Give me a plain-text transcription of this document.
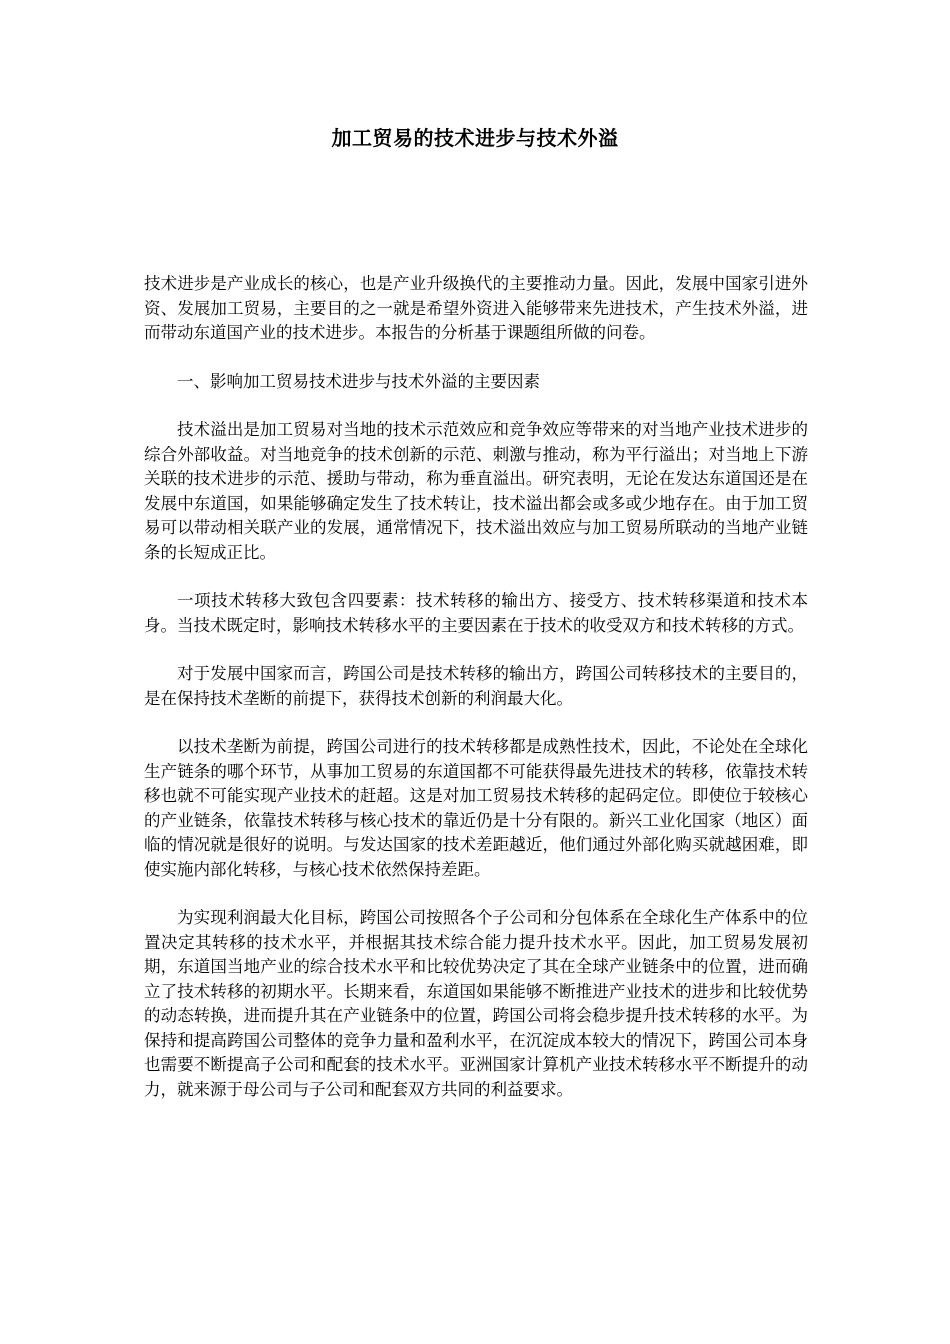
加工贸易的技术进步与技术外溢

技术进步是产业成长的核心，也是产业升级换代的主要推动力量。因此，发展中国家引进外资、发展加工贸易，主要目的之一就是希望外资进入能够带来先进技术，产生技术外溢，进而带动东道国产业的技术进步。本报告的分析基于课题组所做的问卷。

一、影响加工贸易技术进步与技术外溢的主要因素

技术溢出是加工贸易对当地的技术示范效应和竞争效应等带来的对当地产业技术进步的综合外部收益。对当地竞争的技术创新的示范、刺激与推动，称为平行溢出；对当地上下游关联的技术进步的示范、援助与带动，称为垂直溢出。研究表明，无论在发达东道国还是在发展中东道国，如果能够确定发生了技术转让，技术溢出都会或多或少地存在。由于加工贸易可以带动相关联产业的发展，通常情况下，技术溢出效应与加工贸易所联动的当地产业链条的长短成正比。

一项技术转移大致包含四要素：技术转移的输出方、接受方、技术转移渠道和技术本身。当技术既定时，影响技术转移水平的主要因素在于技术的收受双方和技术转移的方式。

对于发展中国家而言，跨国公司是技术转移的输出方，跨国公司转移技术的主要目的，是在保持技术垄断的前提下，获得技术创新的利润最大化。

以技术垄断为前提，跨国公司进行的技术转移都是成熟性技术，因此，不论处在全球化生产链条的哪个环节，从事加工贸易的东道国都不可能获得最先进技术的转移，依靠技术转移也就不可能实现产业技术的赶超。这是对加工贸易技术转移的起码定位。即使位于较核心的产业链条，依靠技术转移与核心技术的靠近仍是十分有限的。新兴工业化国家（地区）面临的情况就是很好的说明。与发达国家的技术差距越近，他们通过外部化购买就越困难，即使实施内部化转移，与核心技术依然保持差距。

为实现利润最大化目标，跨国公司按照各个子公司和分包体系在全球化生产体系中的位置决定其转移的技术水平，并根据其技术综合能力提升技术水平。因此，加工贸易发展初期，东道国当地产业的综合技术水平和比较优势决定了其在全球产业链条中的位置，进而确立了技术转移的初期水平。长期来看，东道国如果能够不断推进产业技术的进步和比较优势的动态转换，进而提升其在产业链条中的位置，跨国公司将会稳步提升技术转移的水平。为保持和提高跨国公司整体的竞争力量和盈利水平，在沉淀成本较大的情况下，跨国公司本身也需要不断提高子公司和配套的技术水平。亚洲国家计算机产业技术转移水平不断提升的动力，就来源于母公司与子公司和配套双方共同的利益要求。
